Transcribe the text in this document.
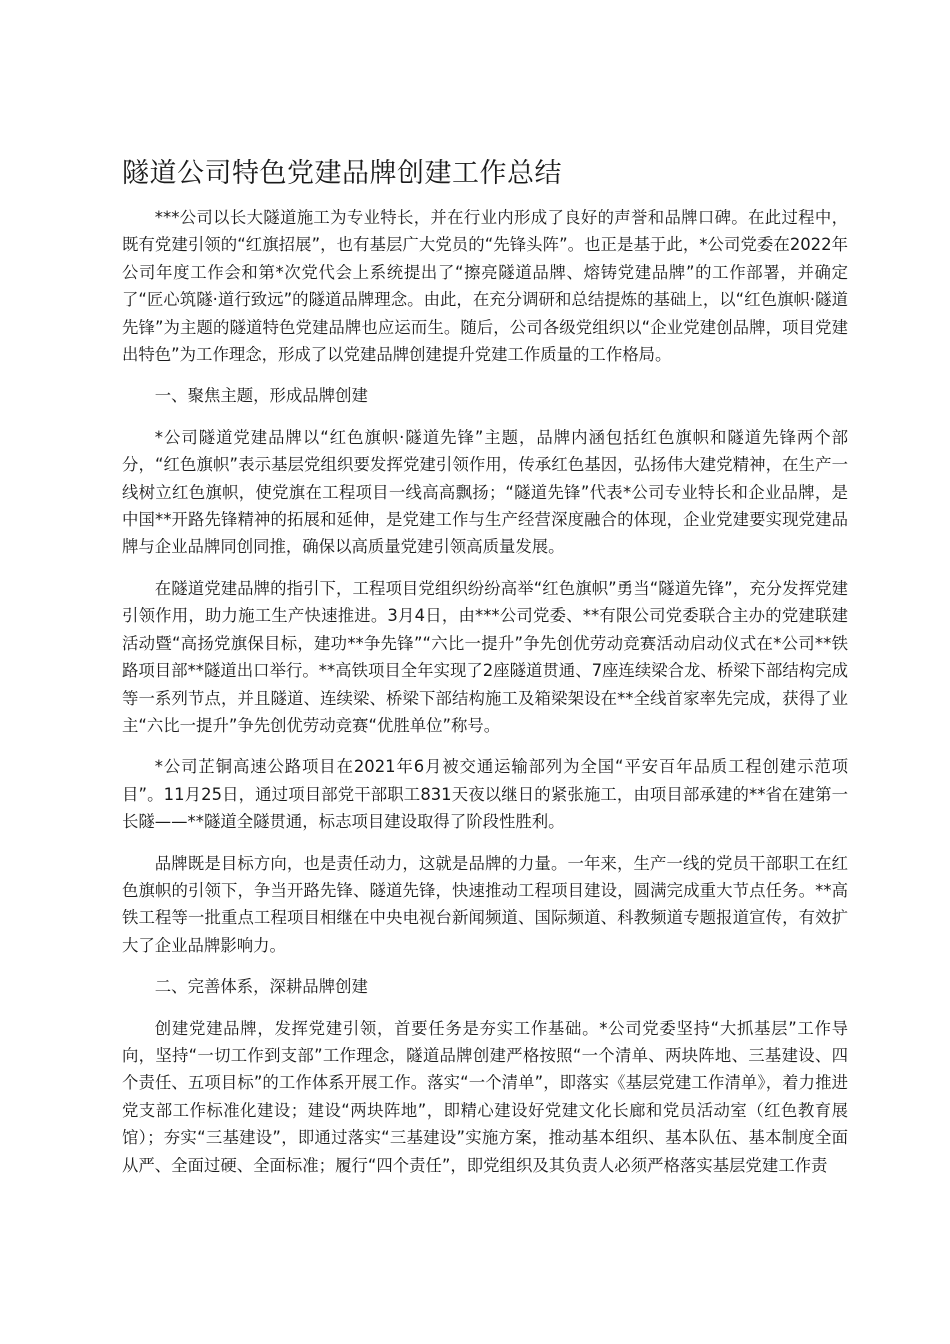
隧道公司特色党建品牌创建工作总结

***公司以长大隧道施工为专业特长，并在行业内形成了良好的声誉和品牌口碑。在此过程中，既有党建引领的“红旗招展”，也有基层广大党员的“先锋头阵”。也正是基于此，*公司党委在2022年公司年度工作会和第*次党代会上系统提出了“擦亮隧道品牌、熔铸党建品牌”的工作部署，并确定了“匠心筑隧·道行致远”的隧道品牌理念。由此，在充分调研和总结提炼的基础上，以“红色旗帜·隧道先锋”为主题的隧道特色党建品牌也应运而生。随后，公司各级党组织以“企业党建创品牌，项目党建出特色”为工作理念，形成了以党建品牌创建提升党建工作质量的工作格局。

一、聚焦主题，形成品牌创建

*公司隧道党建品牌以“红色旗帜·隧道先锋”主题，品牌内涵包括红色旗帜和隧道先锋两个部分，“红色旗帜”表示基层党组织要发挥党建引领作用，传承红色基因，弘扬伟大建党精神，在生产一线树立红色旗帜，使党旗在工程项目一线高高飘扬；“隧道先锋”代表*公司专业特长和企业品牌，是中国**开路先锋精神的拓展和延伸，是党建工作与生产经营深度融合的体现，企业党建要实现党建品牌与企业品牌同创同推，确保以高质量党建引领高质量发展。

在隧道党建品牌的指引下，工程项目党组织纷纷高举“红色旗帜”勇当“隧道先锋”，充分发挥党建引领作用，助力施工生产快速推进。3月4日，由***公司党委、**有限公司党委联合主办的党建联建活动暨“高扬党旗保目标，建功**争先锋”“六比一提升”争先创优劳动竞赛活动启动仪式在*公司**铁路项目部**隧道出口举行。**高铁项目全年实现了2座隧道贯通、7座连续梁合龙、桥梁下部结构完成等一系列节点，并且隧道、连续梁、桥梁下部结构施工及箱梁架设在**全线首家率先完成，获得了业主“六比一提升”争先创优劳动竞赛“优胜单位”称号。

*公司芷铜高速公路项目在2021年6月被交通运输部列为全国“平安百年品质工程创建示范项目”。11月25日，通过项目部党干部职工831天夜以继日的紧张施工，由项目部承建的**省在建第一长隧——**隧道全隧贯通，标志项目建设取得了阶段性胜利。

品牌既是目标方向，也是责任动力，这就是品牌的力量。一年来，生产一线的党员干部职工在红色旗帜的引领下，争当开路先锋、隧道先锋，快速推动工程项目建设，圆满完成重大节点任务。**高铁工程等一批重点工程项目相继在中央电视台新闻频道、国际频道、科教频道专题报道宣传，有效扩大了企业品牌影响力。

二、完善体系，深耕品牌创建

创建党建品牌，发挥党建引领，首要任务是夯实工作基础。*公司党委坚持“大抓基层”工作导向，坚持“一切工作到支部”工作理念，隧道品牌创建严格按照“一个清单、两块阵地、三基建设、四个责任、五项目标”的工作体系开展工作。落实“一个清单”，即落实《基层党建工作清单》，着力推进党支部工作标准化建设；建设“两块阵地”，即精心建设好党建文化长廊和党员活动室（红色教育展馆）；夯实“三基建设”，即通过落实“三基建设”实施方案，推动基本组织、基本队伍、基本制度全面从严、全面过硬、全面标准；履行“四个责任”，即党组织及其负责人必须严格落实基层党建工作责
